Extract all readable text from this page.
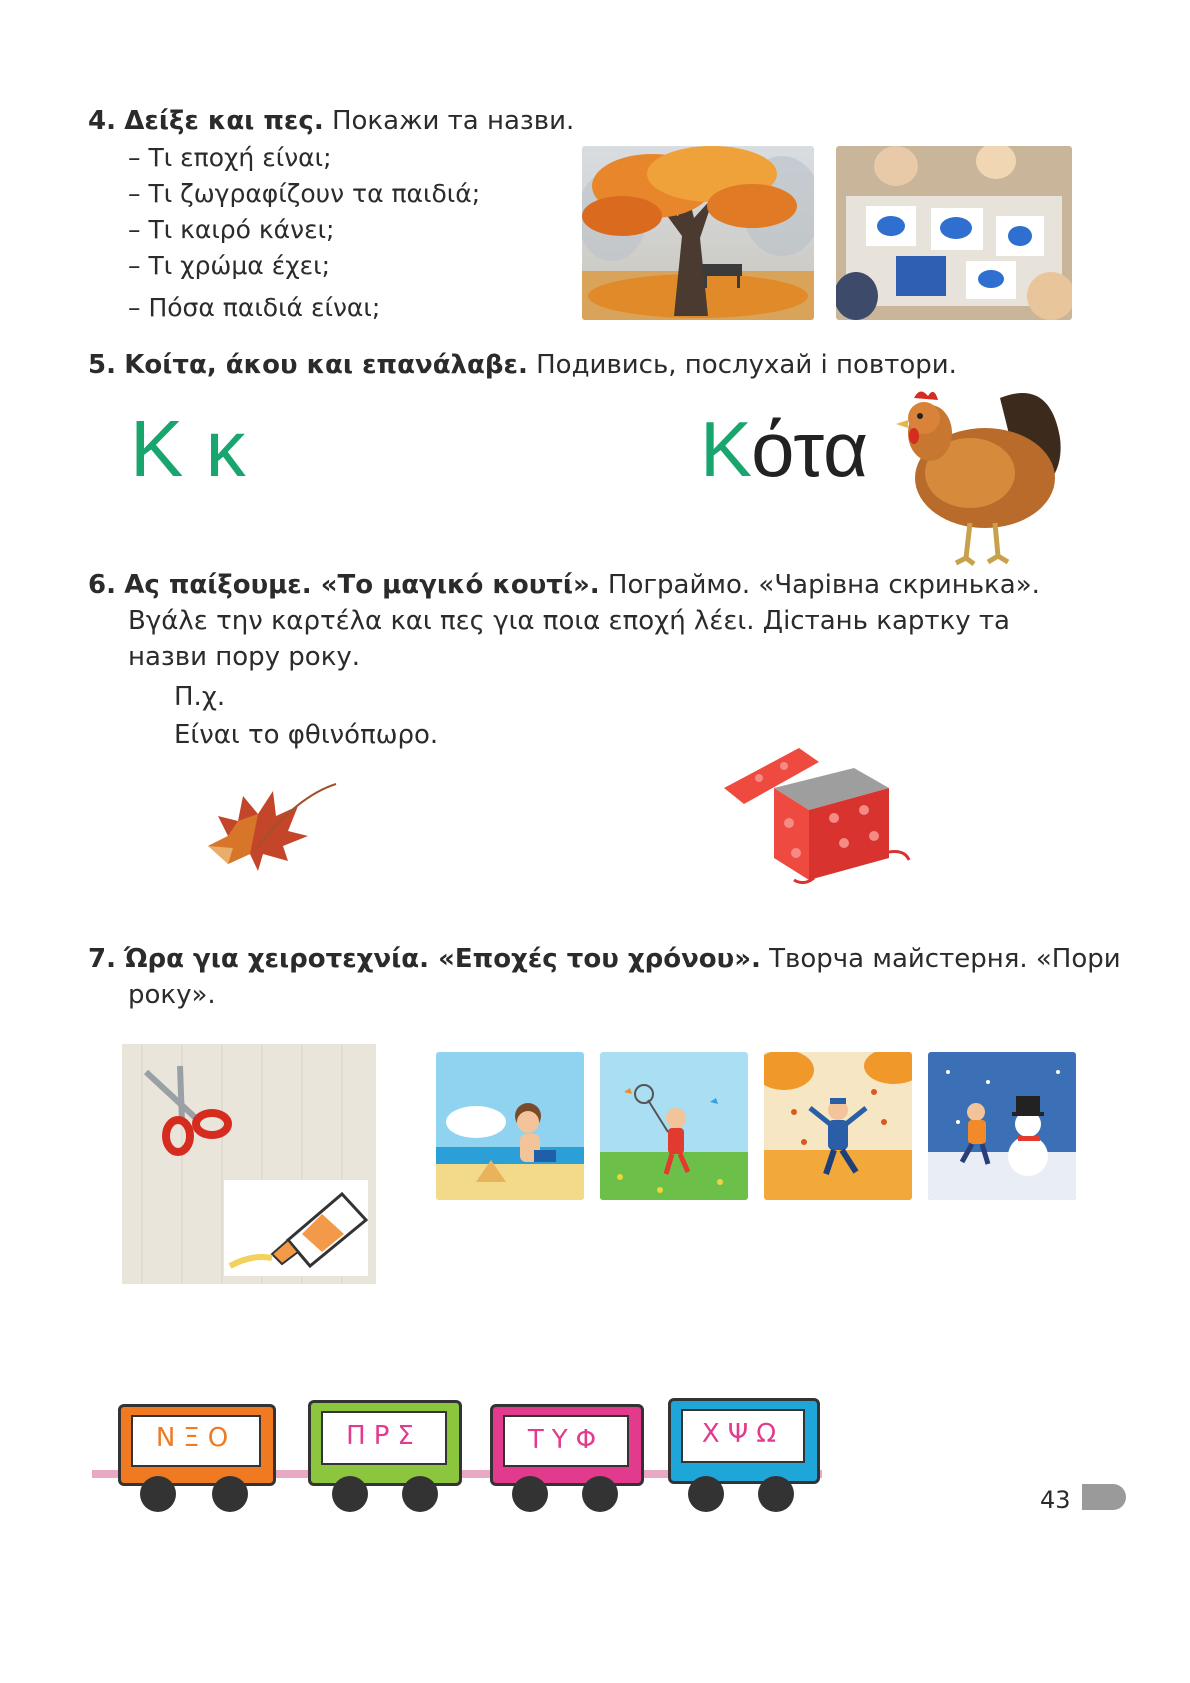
4. Δείξε και πες. Покажи та назви.
– Τι εποχή είναι;
– Τι ζωγραφίζουν τα παιδιά;
– Τι καιρό κάνει;
– Τι χρώμα έχει;
– Πόσα παιδιά είναι;
5. Κοίτα, άκου και επανάλαβε. Подивись, послухай і повтори.
Κ κ	Κότα
6. Ας παίξουμε. «Το μαγικό κουτί». Пограймо. «Чарівна скринька».
Βγάλε την καρτέλα και πες για ποια εποχή λέει. Дістань картку та
назви пору року.
Π.χ.
Είναι το φθινόπωρο.
7. Ώρα για χειροτεχνία. «Εποχές του χρόνου». Творча майстерня. «Пори
року».
ΝΞΟ	ΠΡΣ	ΤΥΦ	ΧΨΩ
43
